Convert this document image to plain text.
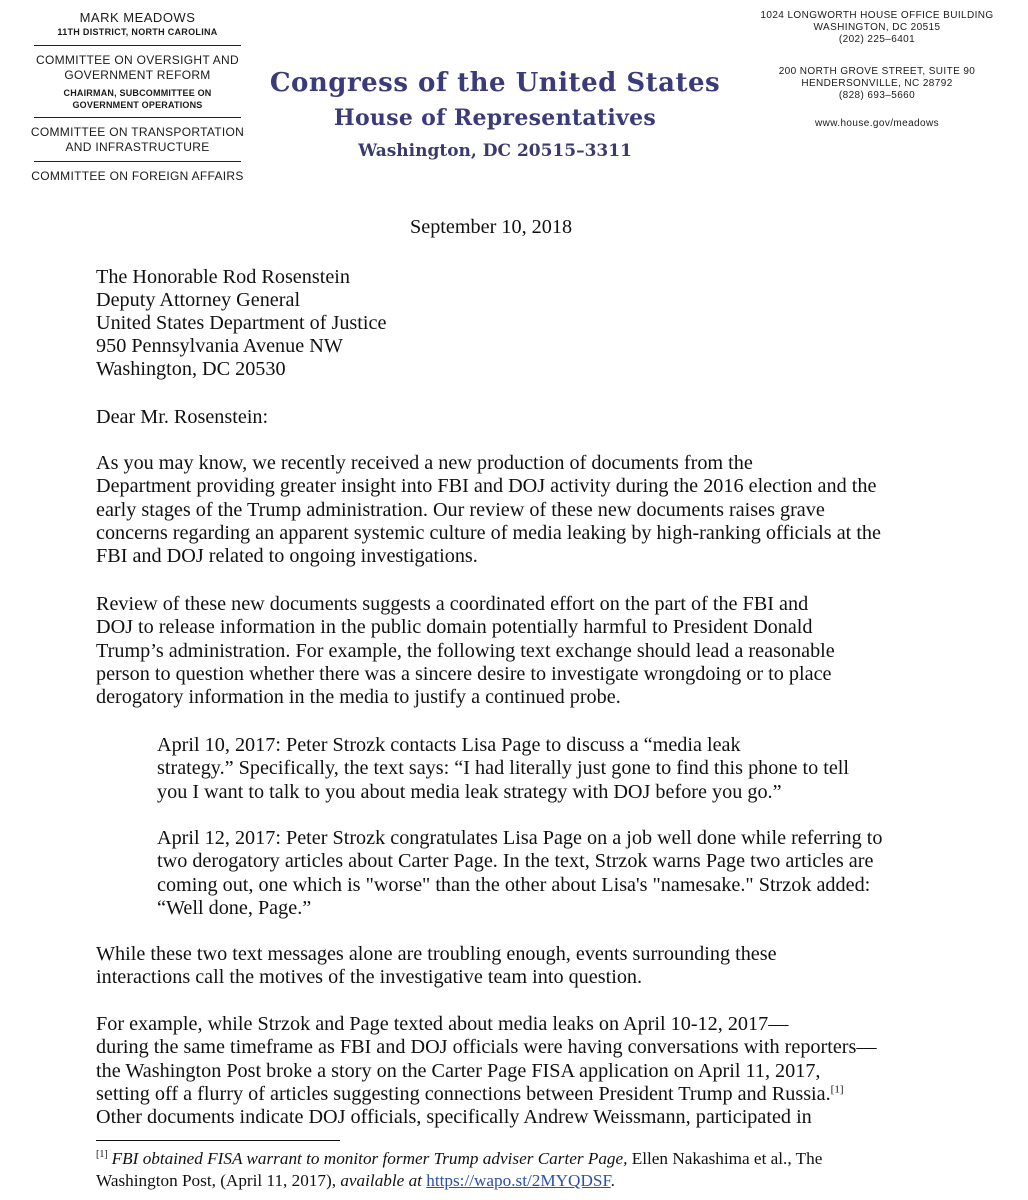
MARK MEADOWS
11TH DISTRICT, NORTH CAROLINA
COMMITTEE ON OVERSIGHT AND GOVERNMENT REFORM
CHAIRMAN, SUBCOMMITTEE ON
GOVERNMENT OPERATIONS
COMMITTEE ON TRANSPORTATION AND INFRASTRUCTURE
COMMITTEE ON FOREIGN AFFAIRS
Congress of the United States
House of Representatives
Washington, DC 20515–3311
1024 LONGWORTH HOUSE OFFICE BUILDING
WASHINGTON, DC 20515
(202) 225–6401
200 NORTH GROVE STREET, SUITE 90
HENDERSONVILLE, NC 28792
(828) 693–5660
www.house.gov/meadows
September 10, 2018
The Honorable Rod Rosenstein
Deputy Attorney General
United States Department of Justice
950 Pennsylvania Avenue NW
Washington, DC 20530
Dear Mr. Rosenstein:

As you may know, we recently received a new production of documents from the
Department providing greater insight into FBI and DOJ activity during the 2016 election and the
early stages of the Trump administration. Our review of these new documents raises grave
concerns regarding an apparent systemic culture of media leaking by high-ranking officials at the
FBI and DOJ related to ongoing investigations.

Review of these new documents suggests a coordinated effort on the part of the FBI and
DOJ to release information in the public domain potentially harmful to President Donald
Trump’s administration. For example, the following text exchange should lead a reasonable
person to question whether there was a sincere desire to investigate wrongdoing or to place
derogatory information in the media to justify a continued probe.

April 10, 2017: Peter Strozk contacts Lisa Page to discuss a “media leak
strategy.” Specifically, the text says: “I had literally just gone to find this phone to tell
you I want to talk to you about media leak strategy with DOJ before you go.”

April 12, 2017: Peter Strozk congratulates Lisa Page on a job well done while referring to
two derogatory articles about Carter Page. In the text, Strzok warns Page two articles are
coming out, one which is "worse" than the other about Lisa's "namesake." Strzok added:
“Well done, Page.”

While these two text messages alone are troubling enough, events surrounding these
interactions call the motives of the investigative team into question.

For example, while Strzok and Page texted about media leaks on April 10-12, 2017—
during the same timeframe as FBI and DOJ officials were having conversations with reporters—
the Washington Post broke a story on the Carter Page FISA application on April 11, 2017,
setting off a flurry of articles suggesting connections between President Trump and Russia.[1]
Other documents indicate DOJ officials, specifically Andrew Weissmann, participated in
[1] FBI obtained FISA warrant to monitor former Trump adviser Carter Page, Ellen Nakashima et al., The
Washington Post, (April 11, 2017), available at https://wapo.st/2MYQDSF.
